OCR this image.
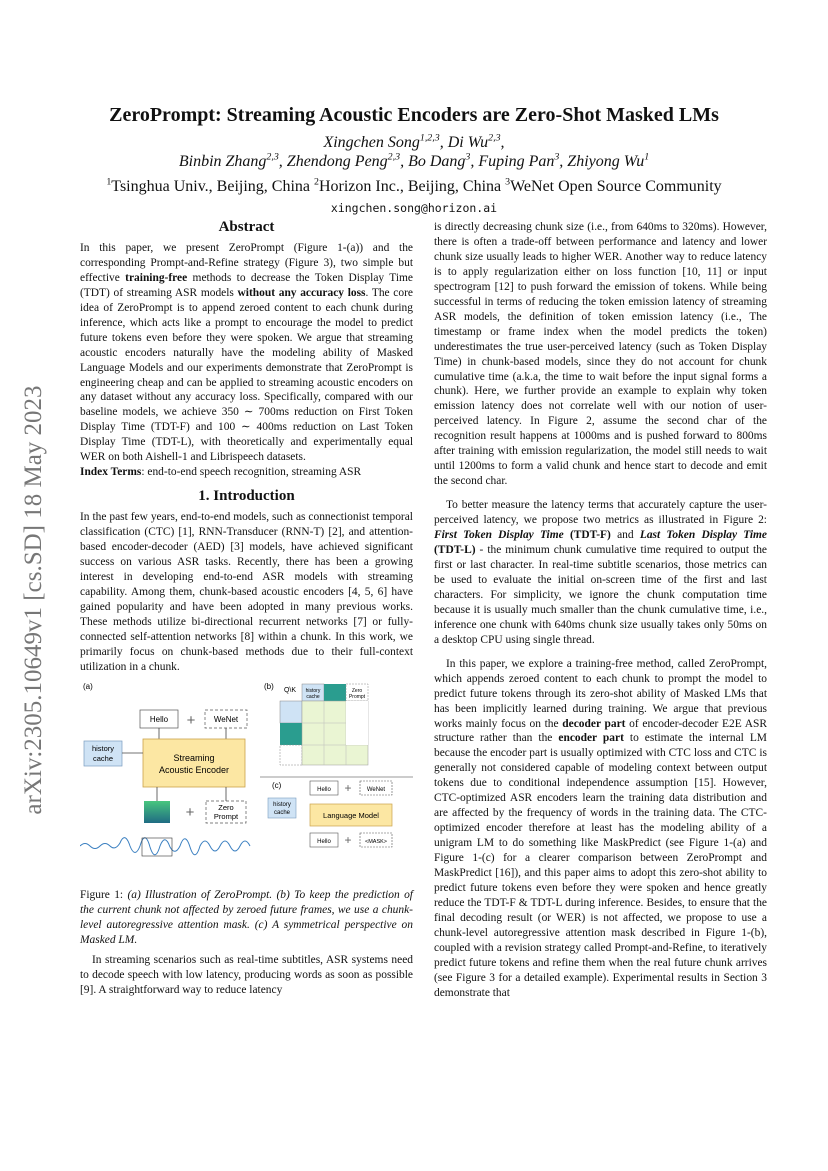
arXiv:2305.10649v1 [cs.SD] 18 May 2023
ZeroPrompt: Streaming Acoustic Encoders are Zero-Shot Masked LMs
Xingchen Song$^{1,2,3}$, Di Wu$^{2,3}$,
Binbin Zhang$^{2,3}$, Zhendong Peng$^{2,3}$, Bo Dang$^3$, Fuping Pan$^3$, Zhiyong Wu$^1$
$^1$Tsinghua Univ., Beijing, China $^2$Horizon Inc., Beijing, China $^3$WeNet Open Source Community
xingchen.song@horizon.ai
Abstract

In this paper, we present ZeroPrompt (Figure 1-(a)) and the corresponding Prompt-and-Refine strategy (Figure 3), two simple but effective training-free methods to decrease the Token Display Time (TDT) of streaming ASR models without any accuracy loss. The core idea of ZeroPrompt is to append zeroed content to each chunk during inference, which acts like a prompt to encourage the model to predict future tokens even before they were spoken. We argue that streaming acoustic encoders naturally have the modeling ability of Masked Language Models and our experiments demonstrate that ZeroPrompt is engineering cheap and can be applied to streaming acoustic encoders on any dataset without any accuracy loss. Specifically, compared with our baseline models, we achieve 350 ∼ 700ms reduction on First Token Display Time (TDT-F) and 100 ∼ 400ms reduction on Last Token Display Time (TDT-L), with theoretically and experimentally equal WER on both Aishell-1 and Librispeech datasets.

Index Terms: end-to-end speech recognition, streaming ASR

1. Introduction

In the past few years, end-to-end models, such as connectionist temporal classification (CTC) [1], RNN-Transducer (RNN-T) [2], and attention-based encoder-decoder (AED) [3] models, have achieved significant success on various ASR tasks. Recently, there has been a growing interest in developing end-to-end ASR models with streaming capability. Among them, chunk-based acoustic encoders [4, 5, 6] have gained popularity and have been adopted in many previous works. These methods utilize bi-directional recurrent networks [7] or fully-connected self-attention networks [8] within a chunk. In this work, we primarily focus on chunk-based methods due to their full-context utilization in a chunk.

(a)
Hello + WeNet
Streaming
Acoustic Encoder
history
cache
+	Zero
Prompt
(b) Q\K history
cache
Zero
Prompt
(c)	Hello +	WeNet
Language Model
history
cache
Hello + <MASK>

Figure 1: (a) Illustration of ZeroPrompt. (b) To keep the prediction of the current chunk not affected by zeroed future frames, we use a chunk-level autoregressive attention mask. (c) A symmetrical perspective on Masked LM.

In streaming scenarios such as real-time subtitles, ASR systems need to decode speech with low latency, producing words as soon as possible [9]. A straightforward way to reduce latency

is directly decreasing chunk size (i.e., from 640ms to 320ms). However, there is often a trade-off between performance and latency and lower chunk size usually leads to higher WER. Another way to reduce latency is to apply regularization either on loss function [10, 11] or input spectrogram [12] to push forward the emission of tokens. While being successful in terms of reducing the token emission latency of streaming ASR models, the definition of token emission latency (i.e., The timestamp or frame index when the model predicts the token) underestimates the true user-perceived latency (such as Token Display Time) in chunk-based models, since they do not account for chunk cumulative time (a.k.a, the time to wait before the input signal forms a chunk). Here, we further provide an example to explain why token emission latency does not correlate well with our notion of user-perceived latency. In Figure 2, assume the second char of the recognition result happens at 1000ms and is pushed forward to 800ms after training with emission regularization, the model still needs to wait until 1200ms to form a valid chunk and hence start to decode and emit the second char.

To better measure the latency terms that accurately capture the user-perceived latency, we propose two metrics as illustrated in Figure 2: First Token Display Time (TDT-F) and Last Token Display Time (TDT-L) - the minimum chunk cumulative time required to output the first or last character. In real-time subtitle scenarios, those metrics can be used to evaluate the initial on-screen time of the first and last characters. For simplicity, we ignore the chunk computation time because it is usually much smaller than the chunk cumulative time, i.e., inference one chunk with 640ms chunk size usually takes only 50ms on a desktop CPU using single thread.

In this paper, we explore a training-free method, called ZeroPrompt, which appends zeroed content to each chunk to prompt the model to predict future tokens through its zero-shot ability of Masked LMs that has been implicitly learned during training. We argue that previous works mainly focus on the decoder part of encoder-decoder E2E ASR structure rather than the encoder part to estimate the internal LM because the encoder part is usually optimized with CTC loss and CTC is generally not considered capable of modeling context between output tokens due to conditional independence assumption [15]. However, CTC-optimized ASR encoders learn the training data distribution and are affected by the frequency of words in the training data. The CTC-optimized encoder therefore at least has the modeling ability of a unigram LM to do something like MaskPredict (see Figure 1-(a) and Figure 1-(c) for a clearer comparison between ZeroPrompt and MaskPredict [16]), and this paper aims to adopt this zero-shot ability to predict future tokens even before they were spoken and hence greatly reduce the TDT-F & TDT-L during inference. Besides, to ensure that the final decoding result (or WER) is not affected, we propose to use a chunk-level autoregressive attention mask described in Figure 1-(b), coupled with a revision strategy called Prompt-and-Refine, to iteratively predict future tokens and refine them when the real future chunk arrives (see Figure 3 for a detailed example). Experimental results in Section 3 demonstrate that
